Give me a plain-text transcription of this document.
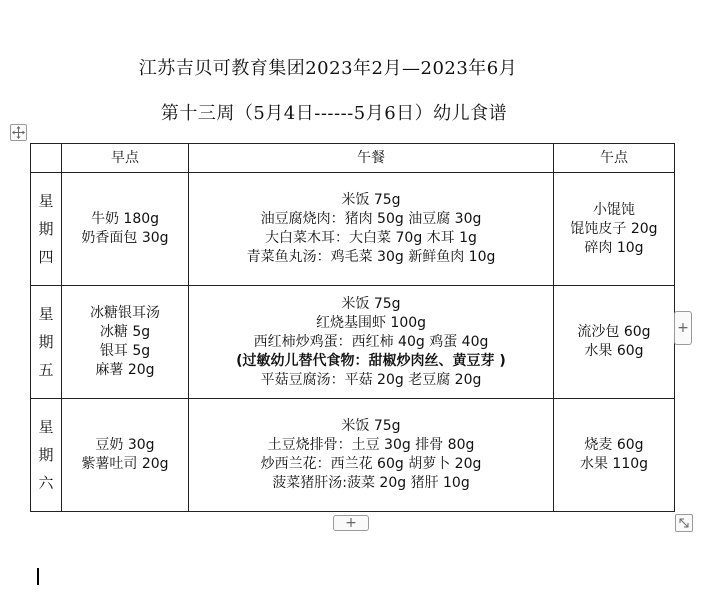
江苏吉贝可教育集团2023年2月—2023年6月
第十三周（5月4日------5月6日）幼儿食谱
	早点	午餐	午点

星
期
四	牛奶 180g
奶香面包 30g	米饭 75g
油豆腐烧肉：猪肉 50g 油豆腐 30g
大白菜木耳：大白菜 70g 木耳 1g
青菜鱼丸汤：鸡毛菜 30g 新鲜鱼肉 10g	小馄饨
馄饨皮子 20g
碎肉 10g

星
期
五	冰糖银耳汤
冰糖 5g
银耳 5g
麻薯 20g	米饭 75g
红烧基围虾 100g
西红柿炒鸡蛋：西红柿 40g 鸡蛋 40g
(过敏幼儿替代食物：甜椒炒肉丝、黄豆芽 )
平菇豆腐汤：平菇 20g 老豆腐 20g	流沙包 60g
水果 60g

星
期
六	豆奶 30g
紫薯吐司 20g	米饭 75g
土豆烧排骨：土豆 30g 排骨 80g
炒西兰花：西兰花 60g 胡萝卜 20g
菠菜猪肝汤:菠菜 20g 猪肝 10g	烧麦 60g
水果 110g
+
+
